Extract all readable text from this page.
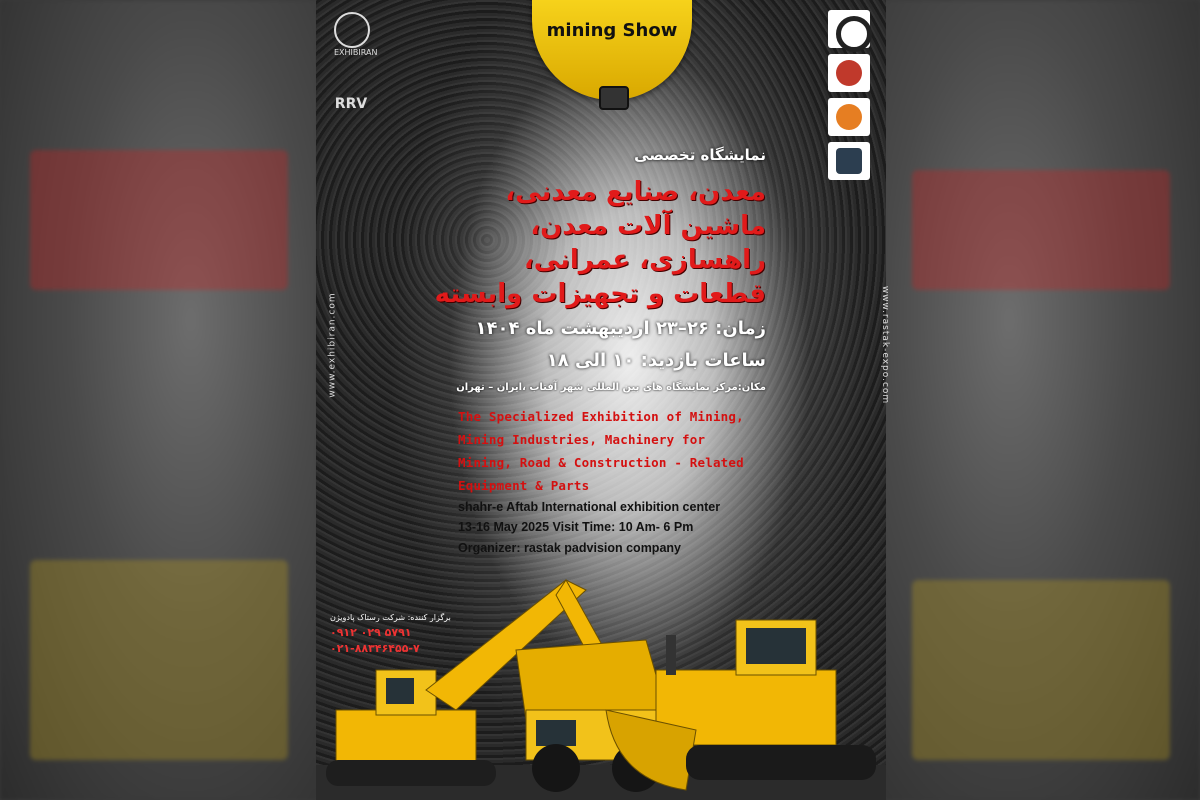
mining Show
EXHIBIRAN
RRV
نمایشگاه تخصصی
معدن، صنایع معدنی،
ماشین آلات معدن،
راهسازی، عمرانی،
قطعات و تجهیزات وابسته
زمان: ۲۶–۲۳ اردیبهشت ماه ۱۴۰۴
ساعات بازدید: ۱۰ الی ۱۸
مکان:مرکز نمایشگاه های بین المللی شهر آفتاب ،ایران – تهران
The Specialized Exhibition of Mining,
Mining Industries, Machinery for
Mining, Road & Construction - Related
Equipment & Parts
shahr-e Aftab International exhibition center
13-16 May 2025 Visit Time: 10 Am- 6 Pm
Organizer: rastak padvision company
www.exhibiran.com	www.rastak-expo.com
برگزار کننده: شرکت رستاک پادویژن
۰۹۱۲ ۰۲۹ ۵۷۹۱
۰۲۱-۸۸۳۴۶۴۵۵-۷
